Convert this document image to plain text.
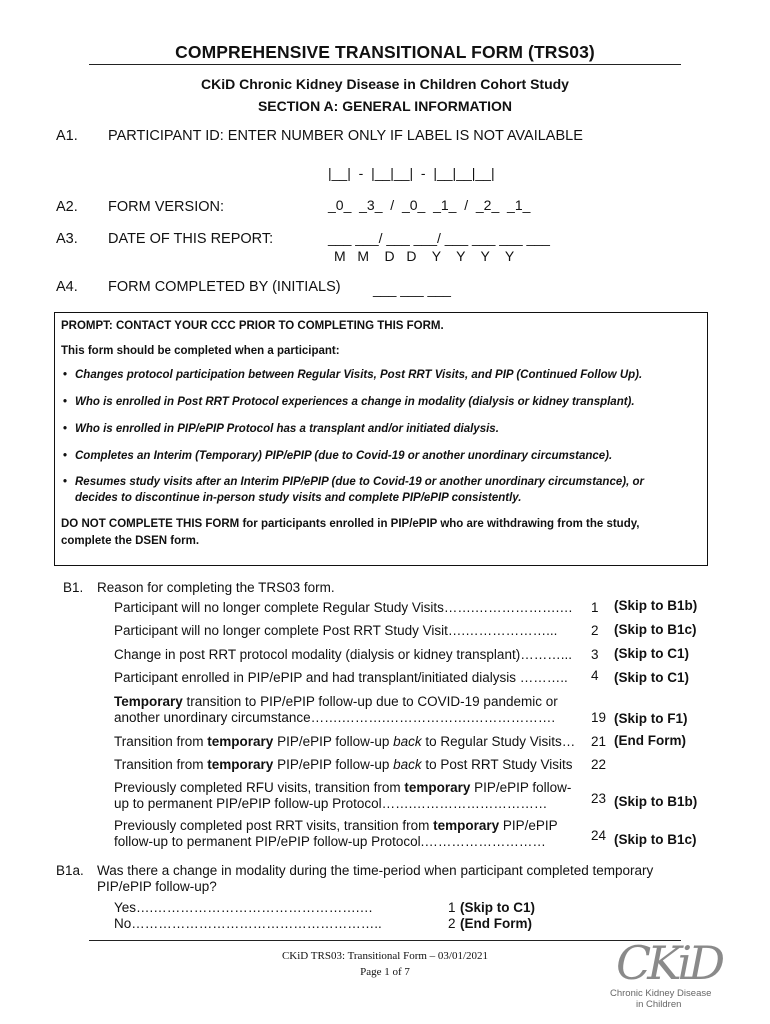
COMPREHENSIVE TRANSITIONAL FORM (TRS03)
CKiD Chronic Kidney Disease in Children Cohort Study
SECTION A: GENERAL INFORMATION
A1. PARTICIPANT ID: ENTER NUMBER ONLY IF LABEL IS NOT AVAILABLE
|__|  -  |__|__|  -  |__|__|__|
A2. FORM VERSION:	_0_  _3_  /  _0_  _1_  /  _2_  _1_
A3. DATE OF THIS REPORT:	___ ___/ ___ ___/ ___ ___ ___ ___
M   M    D   D    Y    Y    Y    Y
A4. FORM COMPLETED BY (INITIALS) ___ ___ ___
PROMPT: CONTACT YOUR CCC PRIOR TO COMPLETING THIS FORM.
This form should be completed when a participant:
• Changes protocol participation between Regular Visits, Post RRT Visits, and PIP (Continued Follow Up).
• Who is enrolled in Post RRT Protocol experiences a change in modality (dialysis or kidney transplant).
• Who is enrolled in PIP/ePIP Protocol has a transplant and/or initiated dialysis.
• Completes an Interim (Temporary) PIP/ePIP (due to Covid-19 or another unordinary circumstance).
• Resumes study visits after an Interim PIP/ePIP (due to Covid-19 or another unordinary circumstance), or
decides to discontinue in-person study visits and complete PIP/ePIP consistently.
DO NOT COMPLETE THIS FORM for participants enrolled in PIP/ePIP who are withdrawing from the study,
complete the DSEN form.
B1. Reason for completing the TRS03 form.
Participant will no longer complete Regular Study Visits…….……………….… 1 (Skip to B1b)
Participant will no longer complete Post RRT Study Visit….………………... 2 (Skip to B1c)
Change in post RRT protocol modality (dialysis or kidney transplant)………... 3 (Skip to C1)
Participant enrolled in PIP/ePIP and had transplant/initiated dialysis ……….. 4 (Skip to C1)
Temporary transition to PIP/ePIP follow-up due to COVID-19 pandemic or
another unordinary circumstance…….……….……………….……………….	19 (Skip to F1)
Transition from temporary PIP/ePIP follow-up back to Regular Study Visits… 21 (End Form)
Transition from temporary PIP/ePIP follow-up back to Post RRT Study Visits 22
Previously completed RFU visits, transition from temporary PIP/ePIP follow-
up to permanent PIP/ePIP follow-up Protocol…….…………………………	23 (Skip to B1b)
Previously completed post RRT visits, transition from temporary PIP/ePIP
follow-up to permanent PIP/ePIP follow-up Protocol.………………………	24 (Skip to B1c)
B1a. Was there a change in modality during the time-period when participant completed temporary
PIP/ePIP follow-up?
Yes….……………………………………….…	1 (Skip to C1)
No………………………………………………..	2 (End Form)
CKiD TRS03: Transitional Form – 03/01/2021
Page 1 of 7	CKiD
Chronic Kidney Disease
in Children
